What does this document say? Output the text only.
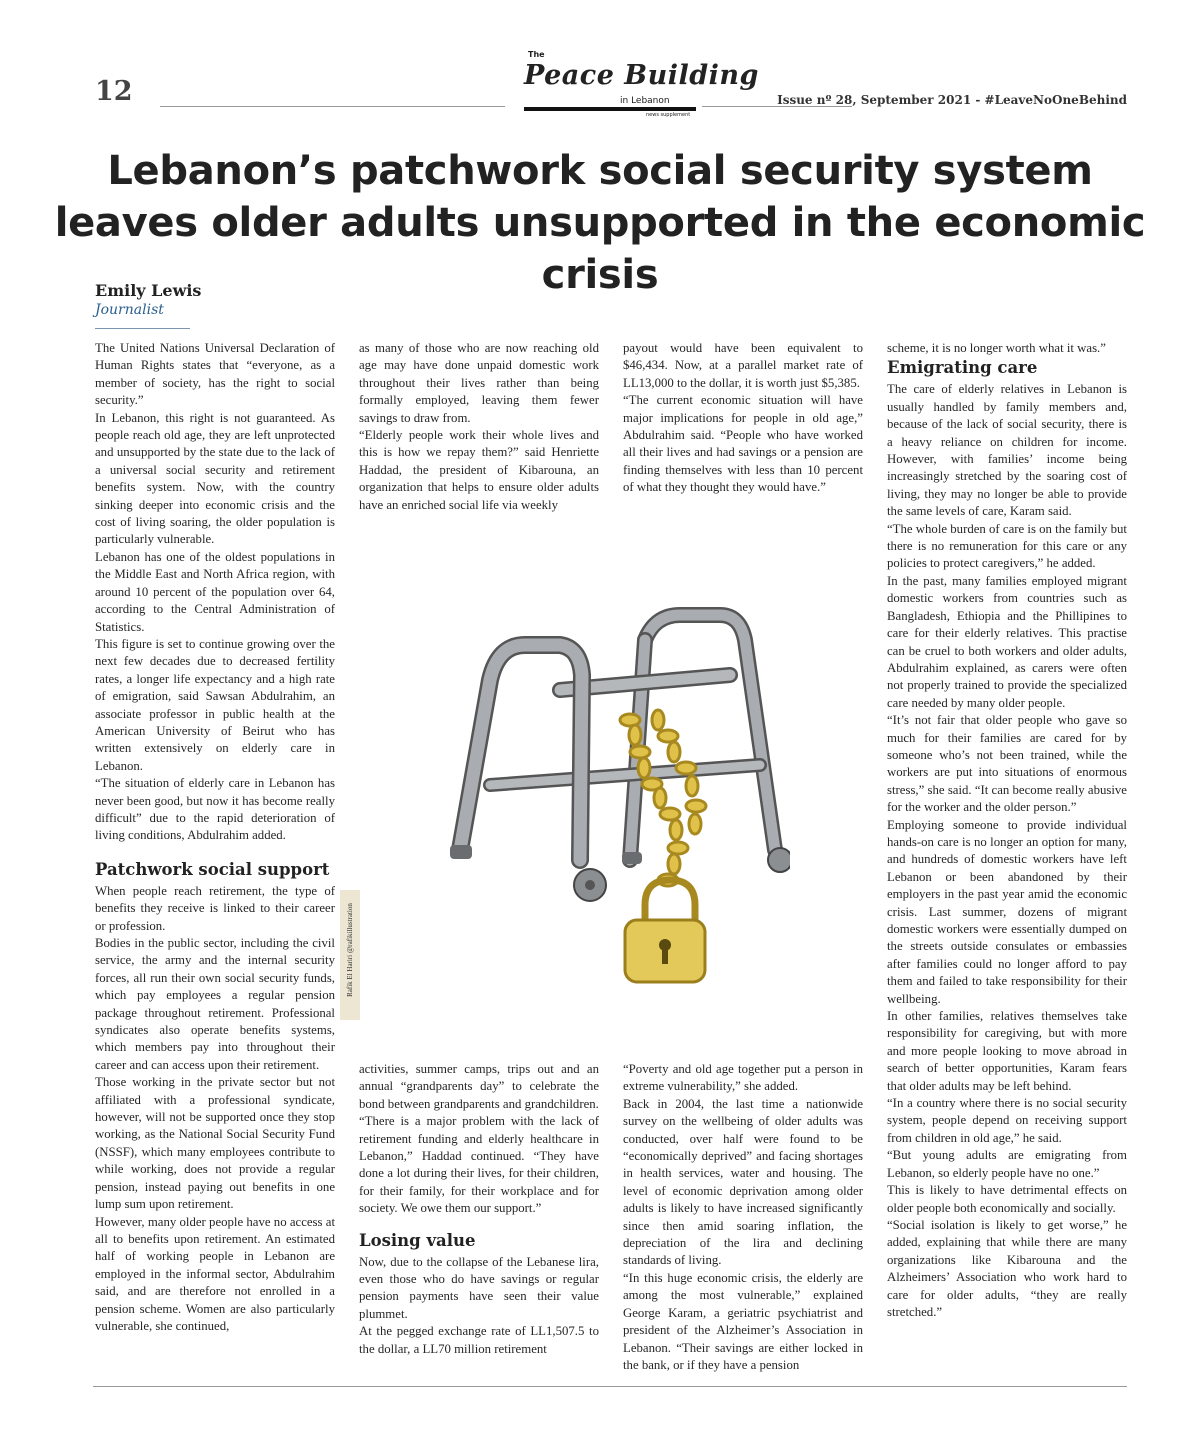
12
The
Peace Building
in Lebanon
news supplement
Issue nº 28, September 2021 - #LeaveNoOneBehind
Lebanon’s patchwork social security system leaves older adults unsupported in the economic crisis
Emily Lewis
Journalist

The United Nations Universal Declaration of Human Rights states that “everyone, as a member of society, has the right to social security.”

In Lebanon, this right is not guaranteed. As people reach old age, they are left unprotected and unsupported by the state due to the lack of a universal social security and retirement benefits system. Now, with the country sinking deeper into economic crisis and the cost of living soaring, the older population is particularly vulnerable.

Lebanon has one of the oldest populations in the Middle East and North Africa region, with around 10 percent of the population over 64, according to the Central Administration of Statistics.

This figure is set to continue growing over the next few decades due to decreased fertility rates, a longer life expectancy and a high rate of emigration, said Sawsan Abdulrahim, an associate professor in public health at the American University of Beirut who has written extensively on elderly care in Lebanon.

“The situation of elderly care in Lebanon has never been good, but now it has become really difficult” due to the rapid deterioration of living conditions, Abdulrahim added.

Patchwork social support

When people reach retirement, the type of benefits they receive is linked to their career or profession.

Bodies in the public sector, including the civil service, the army and the internal security forces, all run their own social security funds, which pay employees a regular pension package throughout retirement. Professional syndicates also operate benefits systems, which members pay into throughout their career and can access upon their retirement.

Those working in the private sector but not affiliated with a professional syndicate, however, will not be supported once they stop working, as the National Social Security Fund (NSSF), which many employees contribute to while working, does not provide a regular pension, instead paying out benefits in one lump sum upon retirement.

However, many older people have no access at all to benefits upon retirement. An estimated half of working people in Lebanon are employed in the informal sector, Abdulrahim said, and are therefore not enrolled in a pension scheme. Women are also particularly vulnerable, she continued,

as many of those who are now reaching old age may have done unpaid domestic work throughout their lives rather than being formally employed, leaving them fewer savings to draw from.

“Elderly people work their whole lives and this is how we repay them?” said Henriette Haddad, the president of Kibarouna, an organization that helps to ensure older adults have an enriched social life via weekly

payout would have been equivalent to $46,434. Now, at a parallel market rate of LL13,000 to the dollar, it is worth just $5,385.

“The current economic situation will have major implications for people in old age,” Abdulrahim said. “People who have worked all their lives and had savings or a pension are finding themselves with less than 10 percent of what they thought they would have.”

scheme, it is no longer worth what it was.”

Emigrating care

The care of elderly relatives in Lebanon is usually handled by family members and, because of the lack of social security, there is a heavy reliance on children for income. However, with families’ income being increasingly stretched by the soaring cost of living, they may no longer be able to provide the same levels of care, Karam said.

“The whole burden of care is on the family but there is no remuneration for this care or any policies to protect caregivers,” he added.

In the past, many families employed migrant domestic workers from countries such as Bangladesh, Ethiopia and the Phillipines to care for their elderly relatives. This practise can be cruel to both workers and older adults, Abdulrahim explained, as carers were often not properly trained to provide the specialized care needed by many older people.

“It’s not fair that older people who gave so much for their families are cared for by someone who’s not been trained, while the workers are put into situations of enormous stress,” she said. “It can become really abusive for the worker and the older person.”

Employing someone to provide individual hands-on care is no longer an option for many, and hundreds of domestic workers have left Lebanon or been abandoned by their employers in the past year amid the economic crisis. Last summer, dozens of migrant domestic workers were essentially dumped on the streets outside consulates or embassies after families could no longer afford to pay them and failed to take responsibility for their wellbeing.

In other families, relatives themselves take responsibility for caregiving, but with more and more people looking to move abroad in search of better opportunities, Karam fears that older adults may be left behind.

“In a country where there is no social security system, people depend on receiving support from children in old age,” he said.

“But young adults are emigrating from Lebanon, so elderly people have no one.”

This is likely to have detrimental effects on older people both economically and socially.

“Social isolation is likely to get worse,” he added, explaining that while there are many organizations like Kibarouna and the Alzheimers’ Association who work hard to care for older adults, “they are really stretched.”

Rafik El Hariri @rafikillustration

activities, summer camps, trips out and an annual “grandparents day” to celebrate the bond between grandparents and grandchildren.

“There is a major problem with the lack of retirement funding and elderly healthcare in Lebanon,” Haddad continued. “They have done a lot during their lives, for their children, for their family, for their workplace and for society. We owe them our support.”

Losing value

Now, due to the collapse of the Lebanese lira, even those who do have savings or regular pension payments have seen their value plummet.

At the pegged exchange rate of LL1,507.5 to the dollar, a LL70 million retirement

“Poverty and old age together put a person in extreme vulnerability,” she added.

Back in 2004, the last time a nationwide survey on the wellbeing of older adults was conducted, over half were found to be “economically deprived” and facing shortages in health services, water and housing. The level of economic deprivation among older adults is likely to have increased significantly since then amid soaring inflation, the depreciation of the lira and declining standards of living.

“In this huge economic crisis, the elderly are among the most vulnerable,” explained George Karam, a geriatric psychiatrist and president of the Alzheimer’s Association in Lebanon. “Their savings are either locked in the bank, or if they have a pension
